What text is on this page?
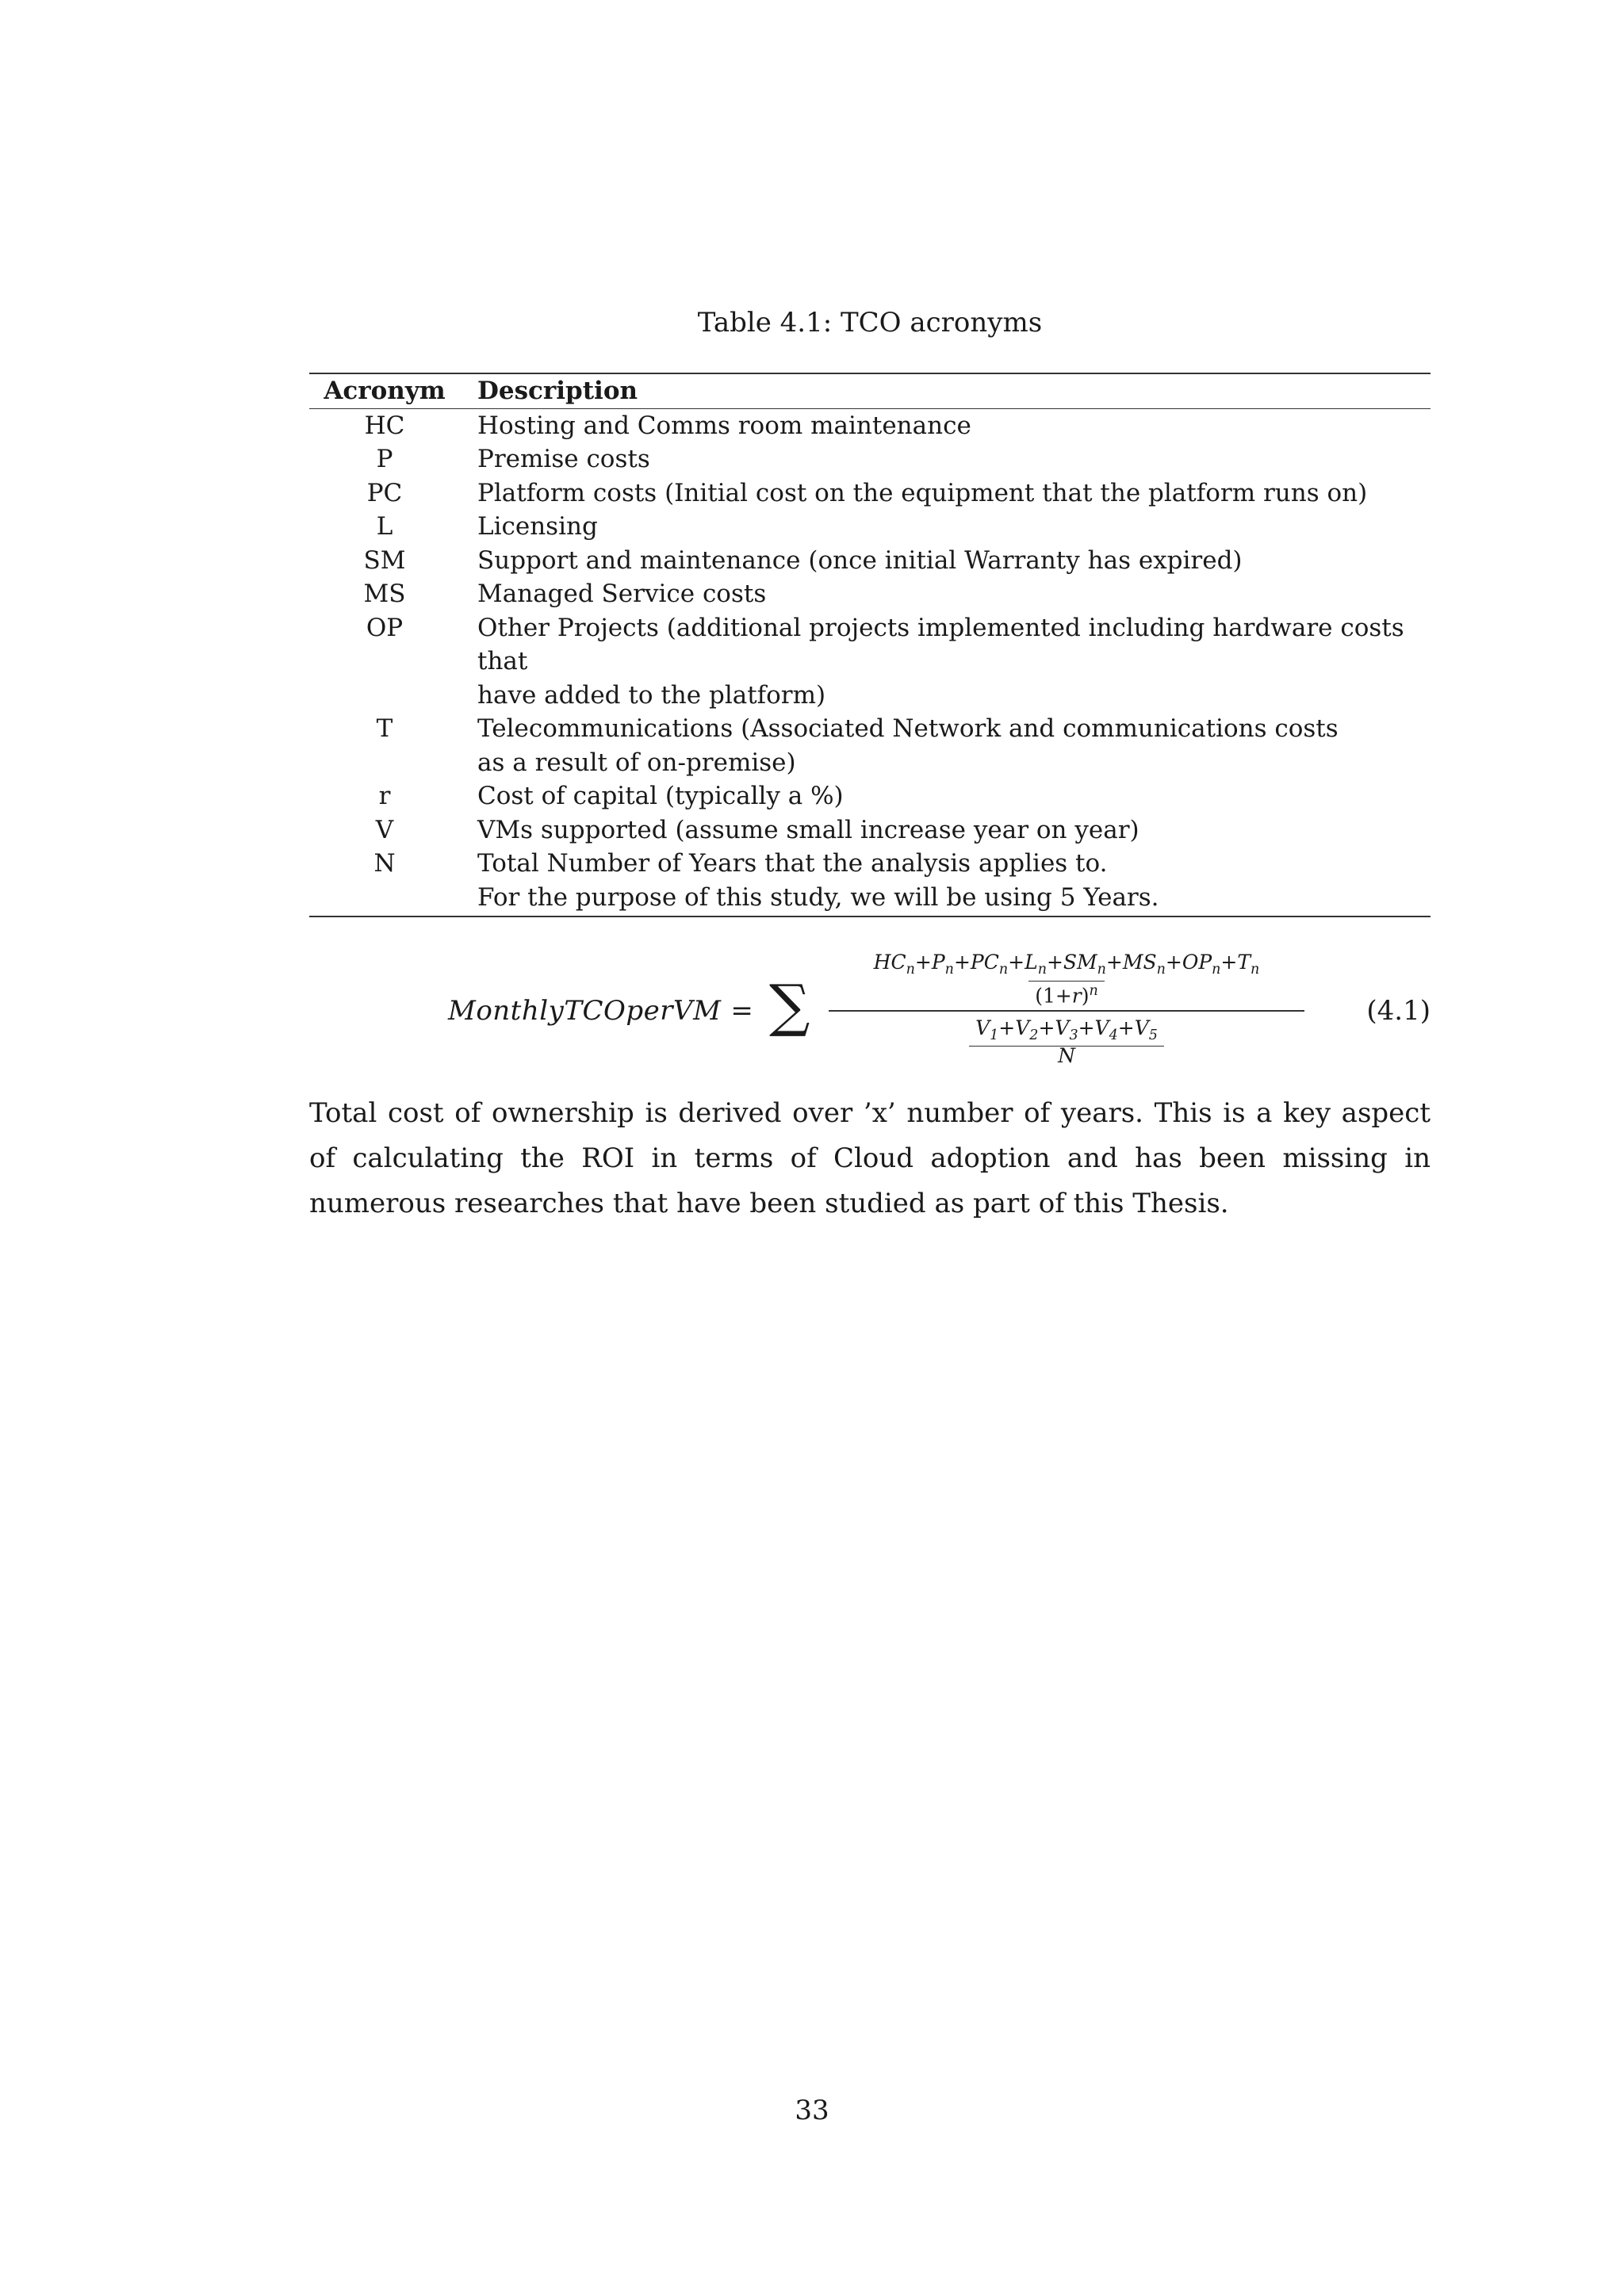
Table 4.1: TCO acronyms
Acronym	Description
HC	Hosting and Comms room maintenance

P	Premise costs

PC	Platform costs (Initial cost on the equipment that the platform runs on)

L	Licensing

SM	Support and maintenance (once initial Warranty has expired)

MS	Managed Service costs

OP	Other Projects (additional projects implemented including hardware costs that
have added to the platform)

T	Telecommunications (Associated Network and communications costs
as a result of on-premise)

r	Cost of capital (typically a %)

V	VMs supported (assume small increase year on year)

N	Total Number of Years that the analysis applies to.
For the purpose of this study, we will be using 5 Years.
MonthlyTCOperVM = ∑
$HC_n+P_n+PC_n+L_n+SM_n+MS_n+OP_n+T_n$
$(1+r)^n$
$V_1+V_2+V_3+V_4+V_5$
N
(4.1)

Total cost of ownership is derived over ’x’ number of years. This is a key aspect of calculating the ROI in terms of Cloud adoption and has been missing in numerous researches that have been studied as part of this Thesis.

33
